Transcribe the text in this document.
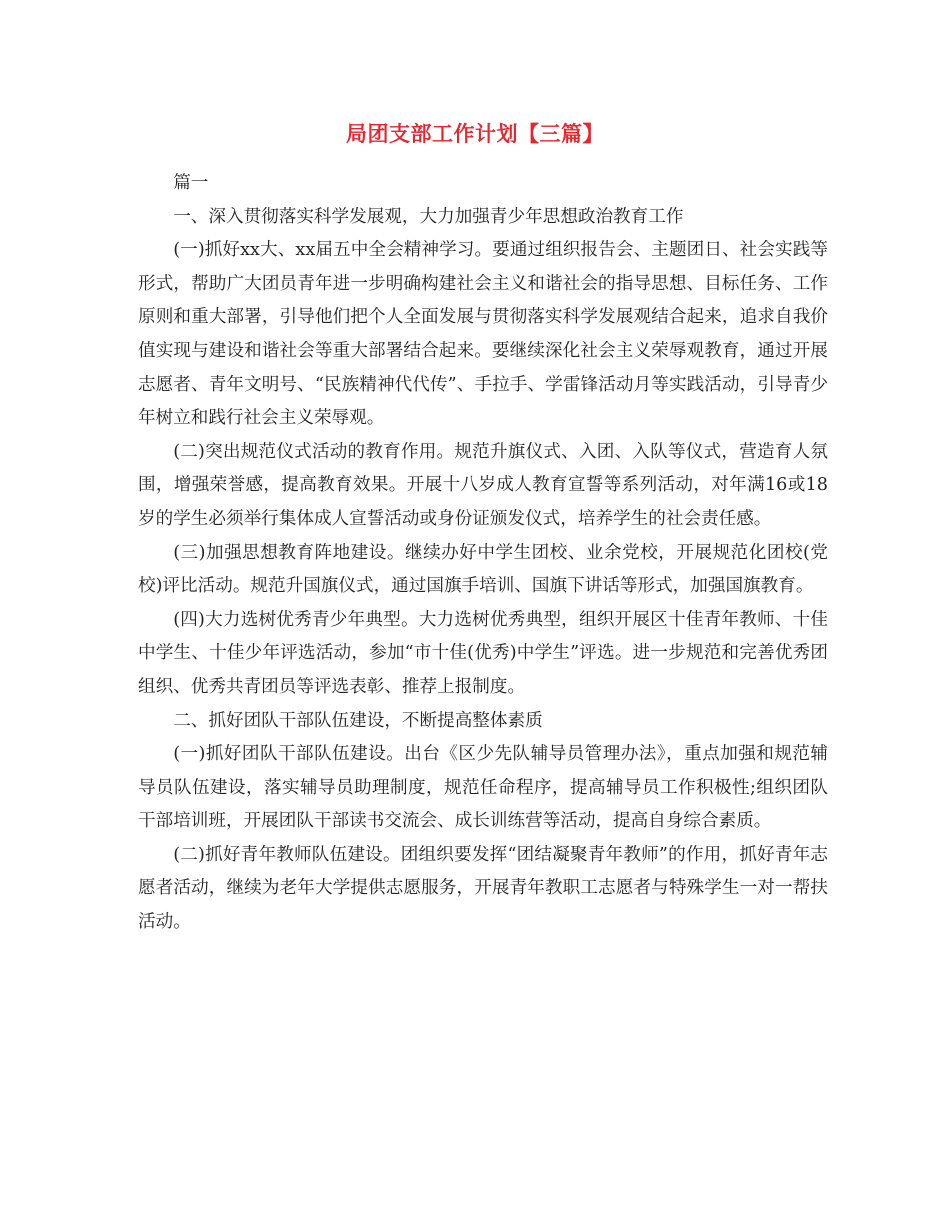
局团支部工作计划【三篇】

篇一

一、深入贯彻落实科学发展观，大力加强青少年思想政治教育工作

(一)抓好xx大、xx届五中全会精神学习。要通过组织报告会、主题团日、社会实践等形式，帮助广大团员青年进一步明确构建社会主义和谐社会的指导思想、目标任务、工作原则和重大部署，引导他们把个人全面发展与贯彻落实科学发展观结合起来，追求自我价值实现与建设和谐社会等重大部署结合起来。要继续深化社会主义荣辱观教育，通过开展志愿者、青年文明号、“民族精神代代传”、手拉手、学雷锋活动月等实践活动，引导青少年树立和践行社会主义荣辱观。

(二)突出规范仪式活动的教育作用。规范升旗仪式、入团、入队等仪式，营造育人氛围，增强荣誉感，提高教育效果。开展十八岁成人教育宣誓等系列活动，对年满16或18岁的学生必须举行集体成人宣誓活动或身份证颁发仪式，培养学生的社会责任感。

(三)加强思想教育阵地建设。继续办好中学生团校、业余党校，开展规范化团校(党校)评比活动。规范升国旗仪式，通过国旗手培训、国旗下讲话等形式，加强国旗教育。

(四)大力选树优秀青少年典型。大力选树优秀典型，组织开展区十佳青年教师、十佳中学生、十佳少年评选活动，参加“市十佳(优秀)中学生”评选。进一步规范和完善优秀团组织、优秀共青团员等评选表彰、推荐上报制度。

二、抓好团队干部队伍建设，不断提高整体素质

(一)抓好团队干部队伍建设。出台《区少先队辅导员管理办法》，重点加强和规范辅导员队伍建设，落实辅导员助理制度，规范任命程序，提高辅导员工作积极性;组织团队干部培训班，开展团队干部读书交流会、成长训练营等活动，提高自身综合素质。

(二)抓好青年教师队伍建设。团组织要发挥“团结凝聚青年教师”的作用，抓好青年志愿者活动，继续为老年大学提供志愿服务，开展青年教职工志愿者与特殊学生一对一帮扶活动。
